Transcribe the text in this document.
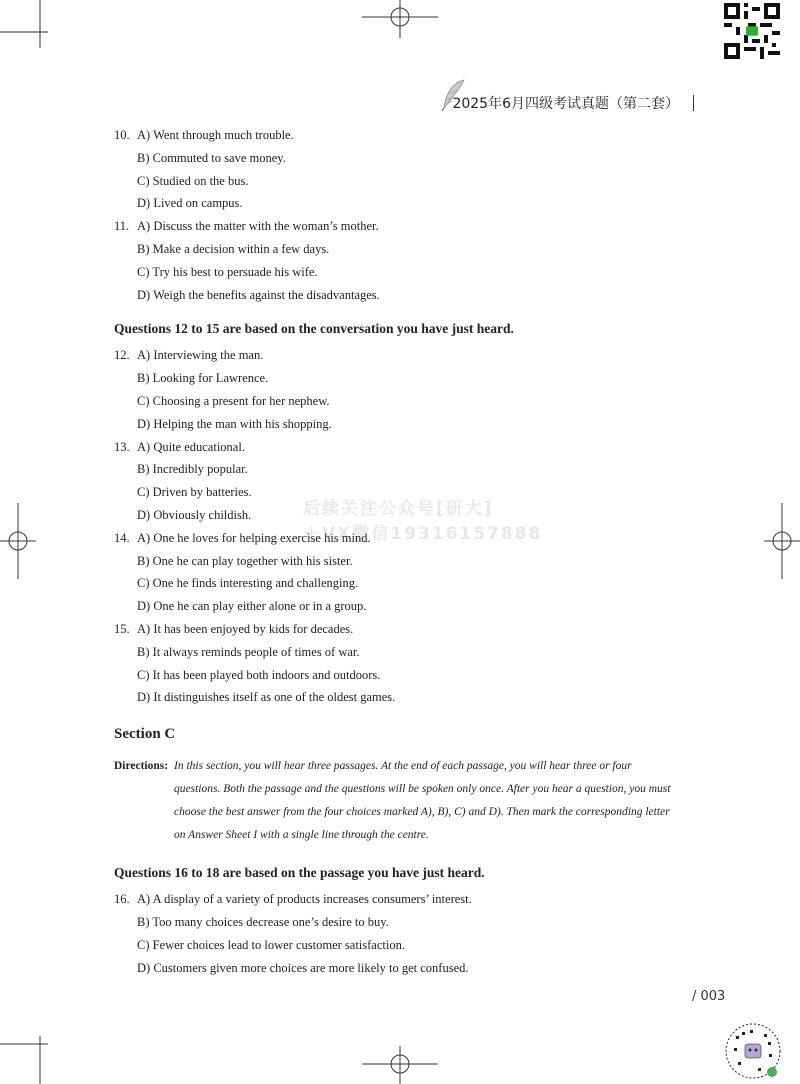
2025年6月四级考试真题（第二套）
10. A) Went through much trouble.
B) Commuted to save money.
C) Studied on the bus.
D) Lived on campus.
11. A) Discuss the matter with the woman’s mother.
B) Make a decision within a few days.
C) Try his best to persuade his wife.
D) Weigh the benefits against the disadvantages.
Questions 12 to 15 are based on the conversation you have just heard.
12. A) Interviewing the man.
B) Looking for Lawrence.
C) Choosing a present for her nephew.
D) Helping the man with his shopping.
13. A) Quite educational.
B) Incredibly popular.
C) Driven by batteries.
D) Obviously childish.
14. A) One he loves for helping exercise his mind.
B) One he can play together with his sister.
C) One he finds interesting and challenging.
D) One he can play either alone or in a group.
15. A) It has been enjoyed by kids for decades.
B) It always reminds people of times of war.
C) It has been played both indoors and outdoors.
D) It distinguishes itself as one of the oldest games.
Section C
Directions: In this section, you will hear three passages. At the end of each passage, you will hear three or four
questions. Both the passage and the questions will be spoken only once. After you hear a question, you must
choose the best answer from the four choices marked A), B), C) and D). Then mark the corresponding letter
on Answer Sheet I with a single line through the centre.
Questions 16 to 18 are based on the passage you have just heard.
16. A) A display of a variety of products increases consumers’ interest.
B) Too many choices decrease one’s desire to buy.
C) Fewer choices lead to lower customer satisfaction.
D) Customers given more choices are more likely to get confused.
后续关注公众号[研大]
＋VX微信19316157888
/ 003
